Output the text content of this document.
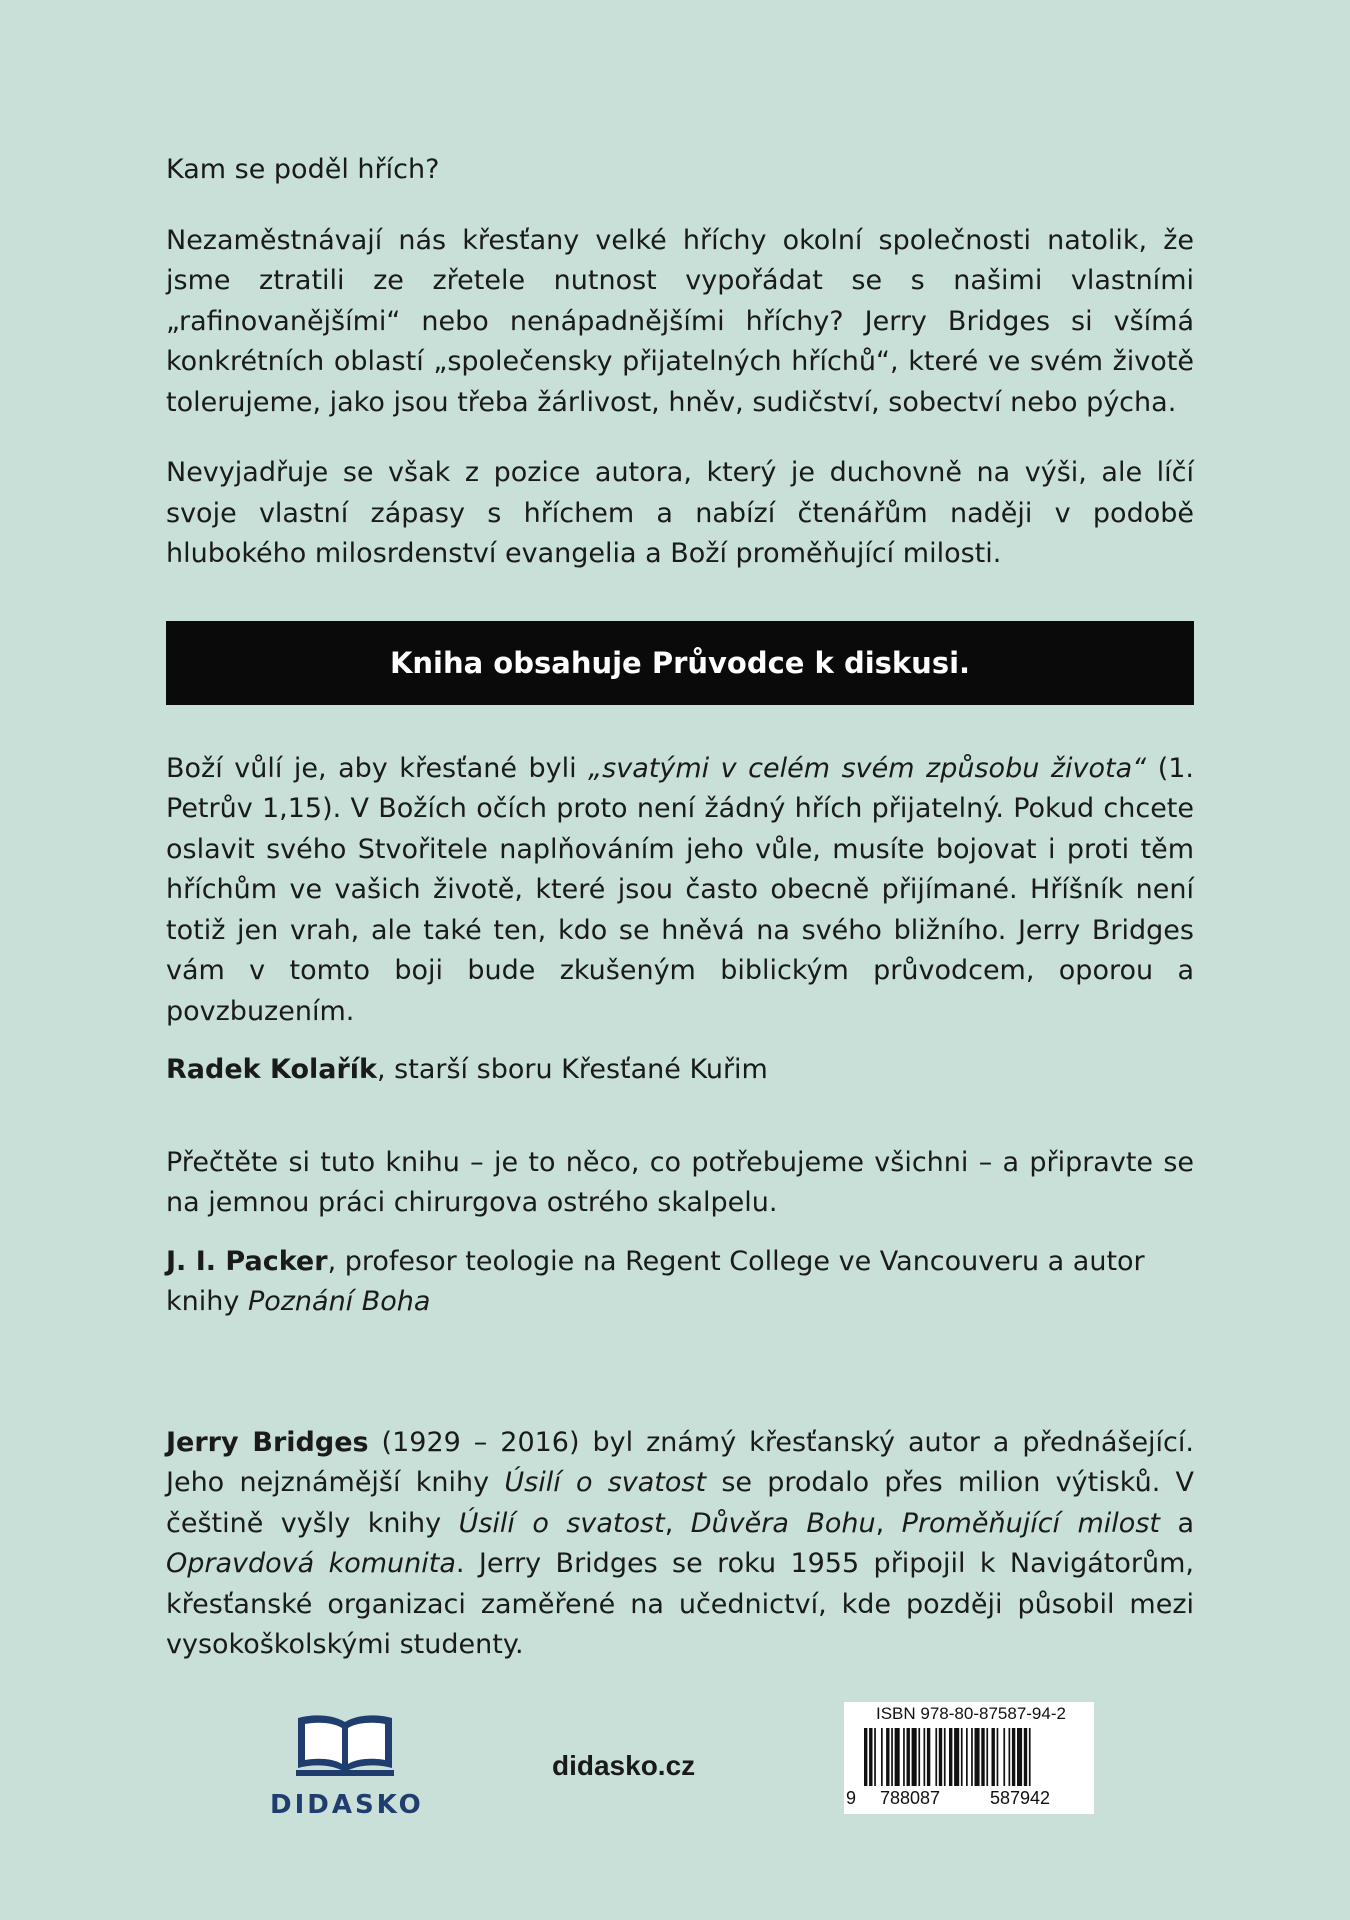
Kam se poděl hřích?

Nezaměstnávají nás křesťany velké hříchy okolní společnosti natolik, že jsme ztratili ze zřetele nutnost vypořádat se s našimi vlastními „rafinovanějšími“ nebo nenápadnějšími hříchy? Jerry Bridges si všímá konkrétních oblastí „společensky přijatelných hříchů“, které ve svém životě tolerujeme, jako jsou třeba žárlivost, hněv, sudičství, sobectví nebo pýcha.

Nevyjadřuje se však z pozice autora, který je duchovně na výši, ale líčí svoje vlastní zápasy s hříchem a nabízí čtenářům naději v podobě hlubokého milosrdenství evangelia a Boží proměňující milosti.

Kniha obsahuje Průvodce k diskusi.

Boží vůlí je, aby křesťané byli „svatými v celém svém způsobu života“ (1. Petrův 1,15). V Božích očích proto není žádný hřích přijatelný. Pokud chcete oslavit svého Stvořitele naplňováním jeho vůle, musíte bojovat i proti těm hříchům ve vašich životě, které jsou často obecně přijímané. Hříšník není totiž jen vrah, ale také ten, kdo se hněvá na svého bližního. Jerry Bridges vám v tomto boji bude zkušeným biblickým průvodcem, oporou a povzbuzením.

Radek Kolařík, starší sboru Křesťané Kuřim

Přečtěte si tuto knihu – je to něco, co potřebujeme všichni – a připravte se na jemnou práci chirurgova ostrého skalpelu.

J. I. Packer, profesor teologie na Regent College ve Vancouveru a autor knihy Poznání Boha

Jerry Bridges (1929 – 2016) byl známý křesťanský autor a přednášející. Jeho nejznámější knihy Úsilí o svatost se prodalo přes milion výtisků. V češtině vyšly knihy Úsilí o svatost, Důvěra Bohu, Proměňující milost a Opravdová komunita. Jerry Bridges se roku 1955 připojil k Navigátorům, křesťanské organizaci zaměřené na učednictví, kde později působil mezi vysokoškolskými studenty.

DIDASKO
didasko.cz
ISBN 978-80-87587-94-2
9 788087	587942
